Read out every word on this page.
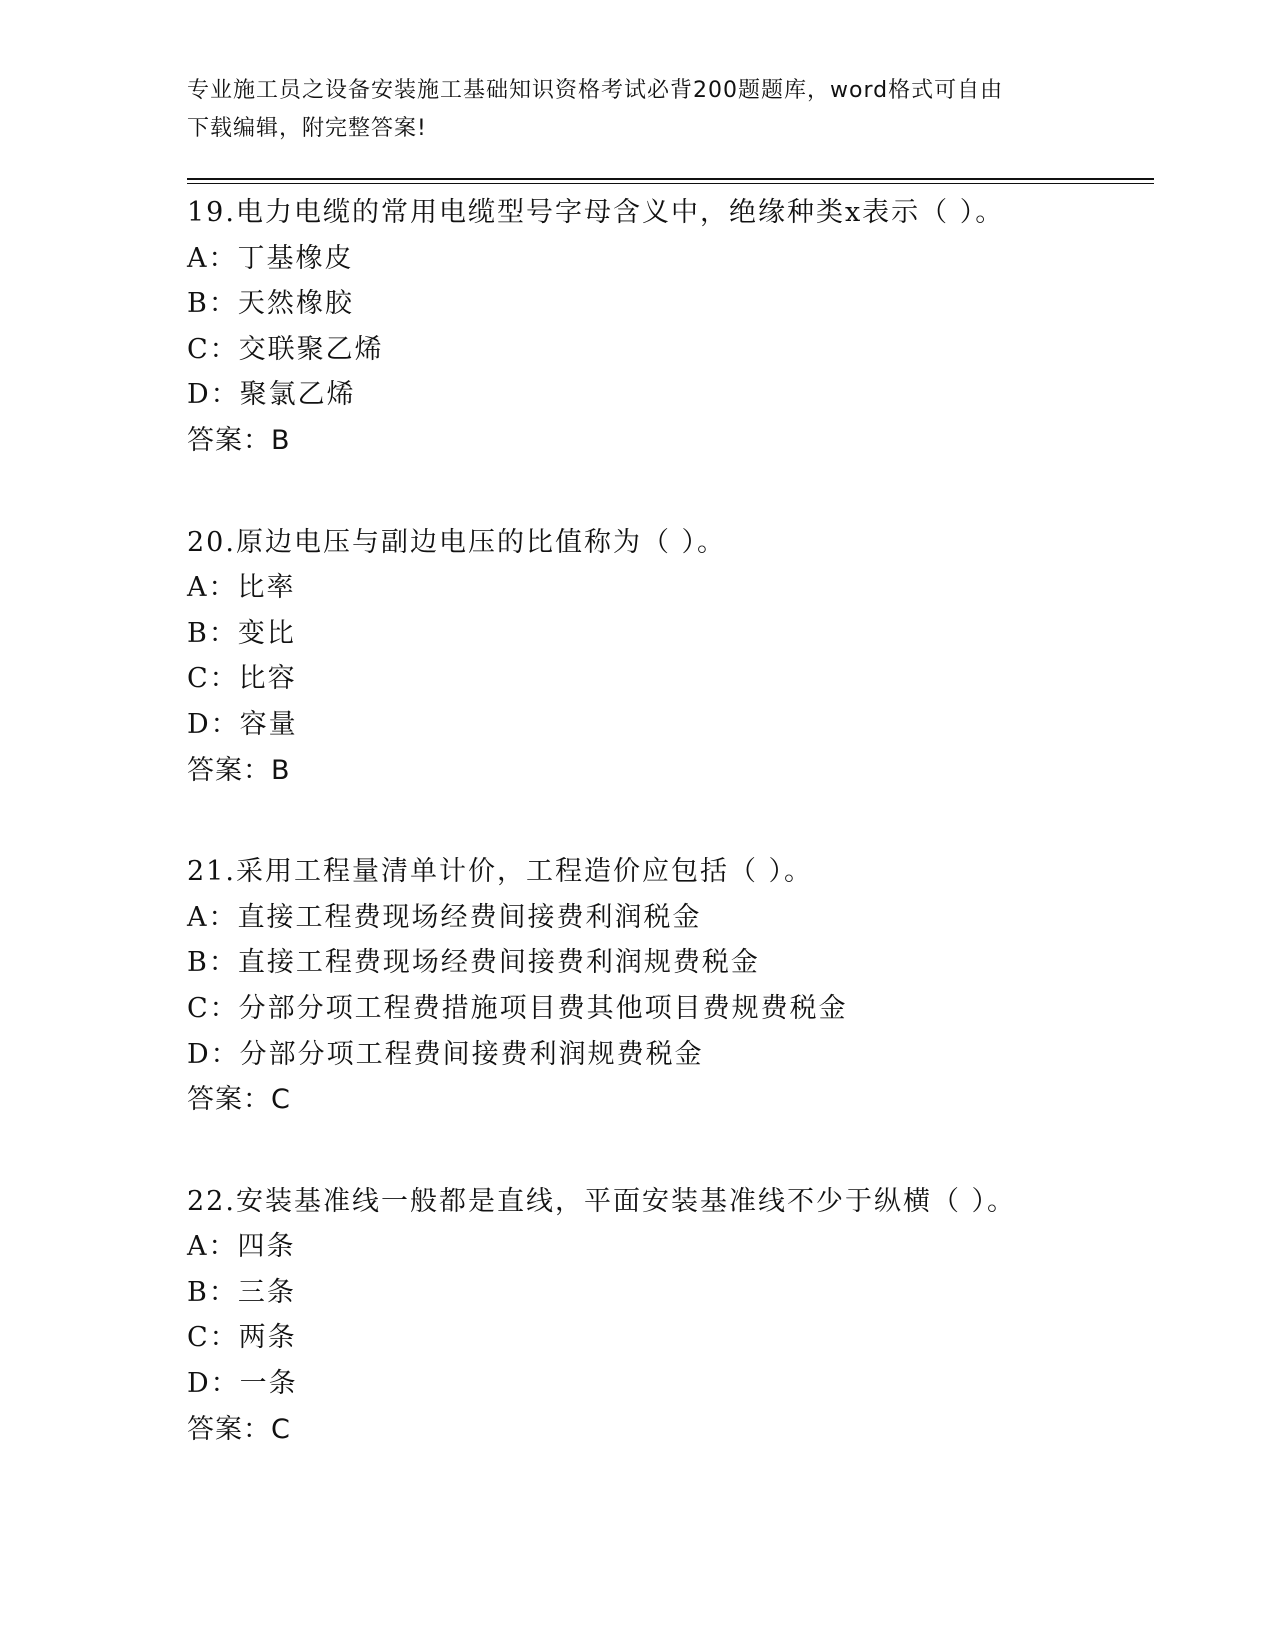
专业施工员之设备安装施工基础知识资格考试必背200题题库，word格式可自由
下载编辑，附完整答案!
19.电力电缆的常用电缆型号字母含义中，绝缘种类x表示（ ）。
A：丁基橡皮
B：天然橡胶
C：交联聚乙烯
D：聚氯乙烯
答案：B
20.原边电压与副边电压的比值称为（ ）。
A：比率
B：变比
C：比容
D：容量
答案：B
21.采用工程量清单计价，工程造价应包括（ ）。
A：直接工程费现场经费间接费利润税金
B：直接工程费现场经费间接费利润规费税金
C：分部分项工程费措施项目费其他项目费规费税金
D：分部分项工程费间接费利润规费税金
答案：C
22.安装基准线一般都是直线，平面安装基准线不少于纵横（ ）。
A：四条
B：三条
C：两条
D：一条
答案：C
